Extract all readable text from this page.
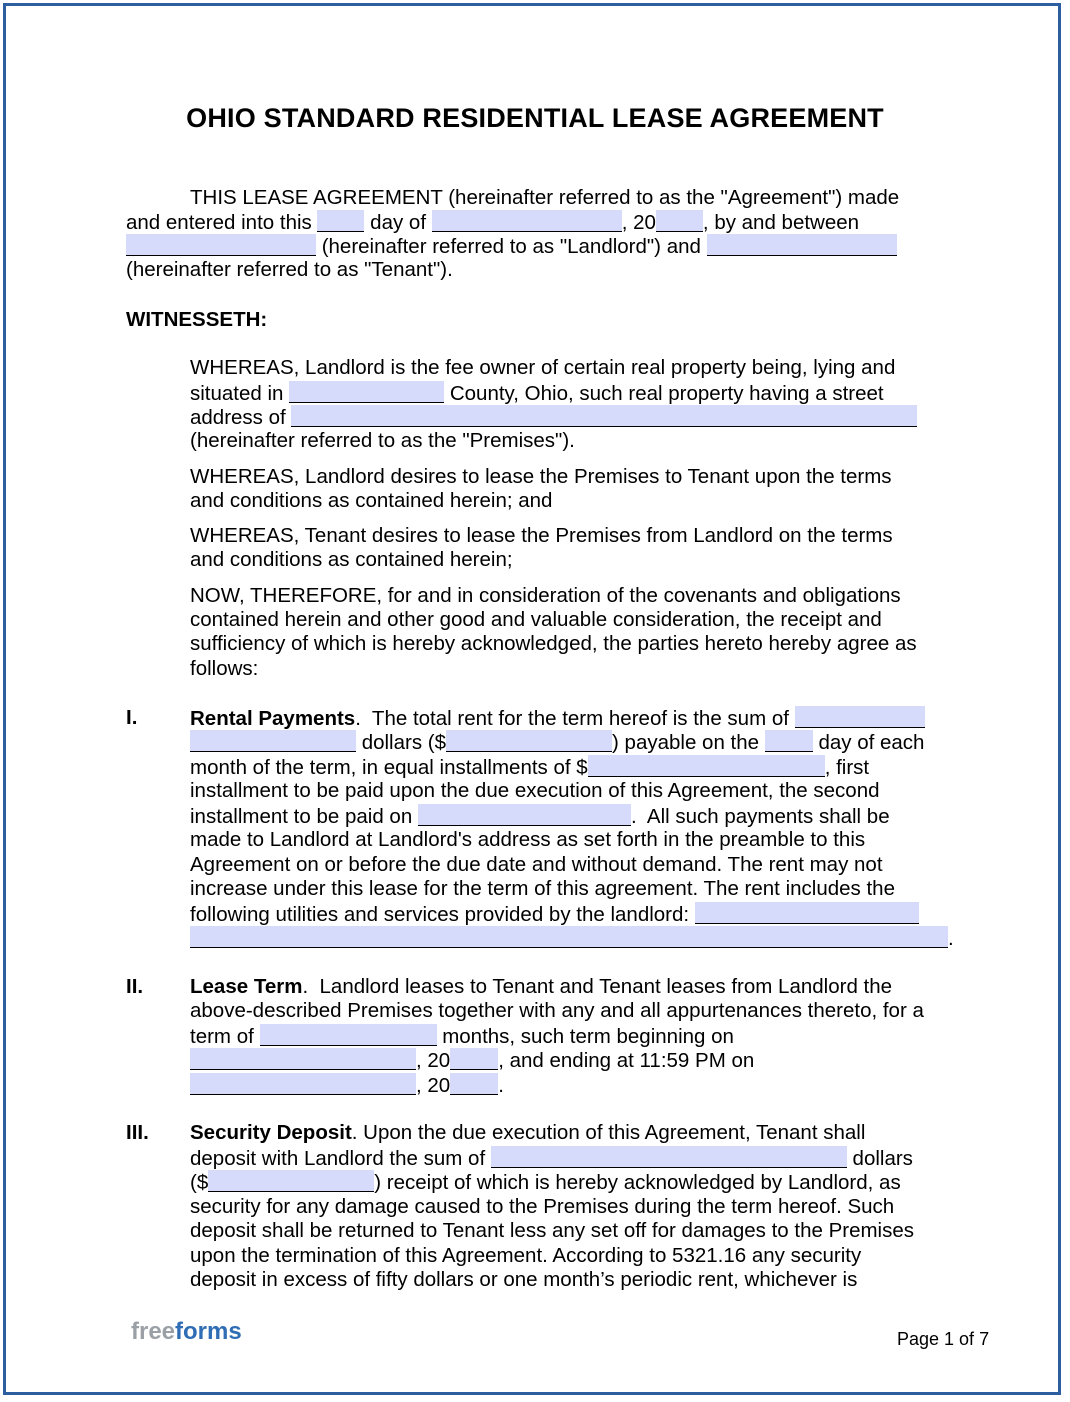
OHIO STANDARD RESIDENTIAL LEASE AGREEMENT
THIS LEASE AGREEMENT (hereinafter referred to as the "Agreement") made
and entered into this  day of	, 20 , by and between
(hereinafter referred to as "Landlord") and
(hereinafter referred to as "Tenant").
WITNESSETH:
WHEREAS, Landlord is the fee owner of certain real property being, lying and
situated in	County, Ohio, such real property having a street
address of
(hereinafter referred to as the "Premises").
WHEREAS, Landlord desires to lease the Premises to Tenant upon the terms
and conditions as contained herein; and
WHEREAS, Tenant desires to lease the Premises from Landlord on the terms
and conditions as contained herein;
NOW, THEREFORE, for and in consideration of the covenants and obligations
contained herein and other good and valuable consideration, the receipt and
sufficiency of which is hereby acknowledged, the parties hereto hereby agree as
follows:
I.	Rental Payments.  The total rent for the term hereof is the sum of
dollars ($	) payable on the  day of each
month of the term, in equal installments of $	, first
installment to be paid upon the due execution of this Agreement, the second
installment to be paid on	.  All such payments shall be
made to Landlord at Landlord's address as set forth in the preamble to this
Agreement on or before the due date and without demand. The rent may not
increase under this lease for the term of this agreement. The rent includes the
following utilities and services provided by the landlord:
.
II. Lease Term.  Landlord leases to Tenant and Tenant leases from Landlord the
above-described Premises together with any and all appurtenances thereto, for a
term of	months, such term beginning on
, 20 , and ending at 11:59 PM on
, 20 .
III. Security Deposit. Upon the due execution of this Agreement, Tenant shall
deposit with Landlord the sum of	dollars
($	) receipt of which is hereby acknowledged by Landlord, as
security for any damage caused to the Premises during the term hereof. Such
deposit shall be returned to Tenant less any set off for damages to the Premises
upon the termination of this Agreement. According to 5321.16 any security
deposit in excess of fifty dollars or one month’s periodic rent, whichever is
freeforms	Page 1 of 7
